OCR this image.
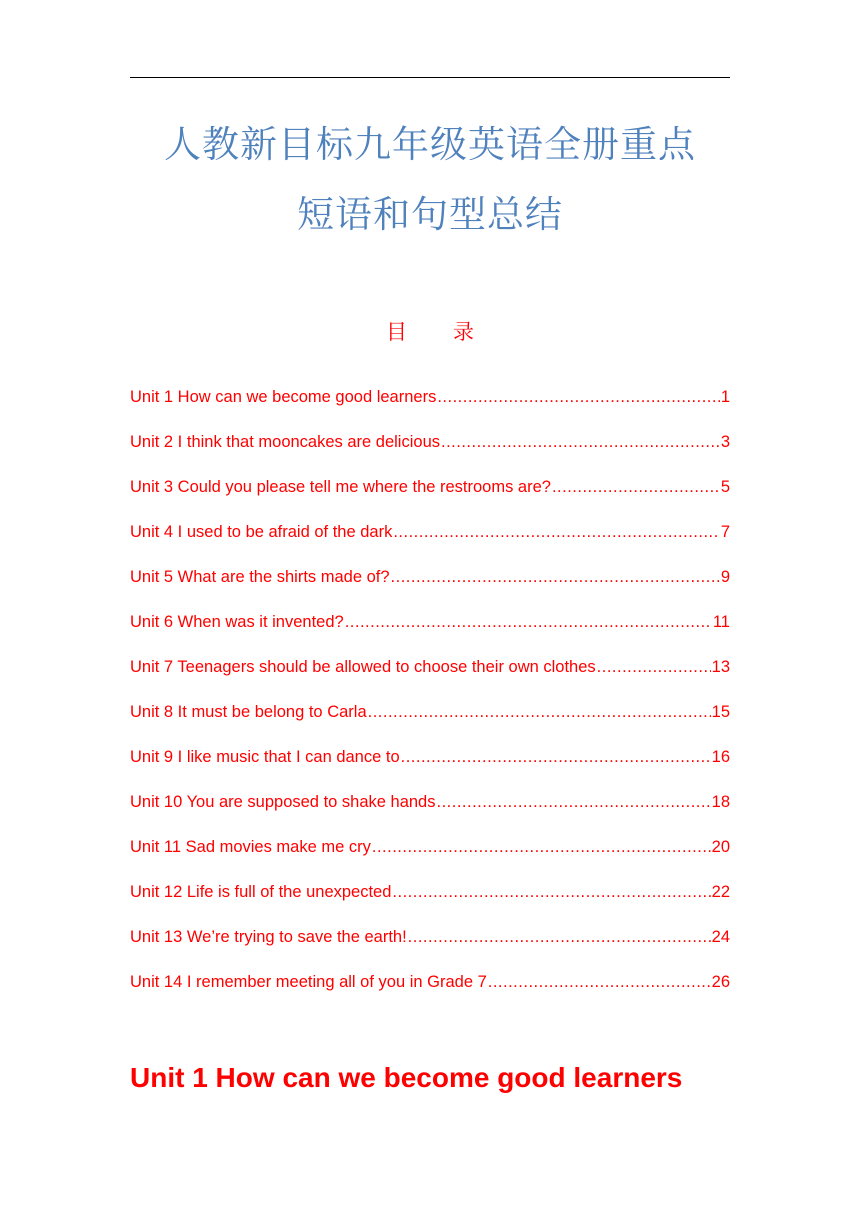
人教新目标九年级英语全册重点
短语和句型总结
目 录
Unit 1 How can we become good learners .....	1
Unit 2 I think that mooncakes are delicious .....	3
Unit 3 Could you please tell me where the restrooms are? .....	5
Unit 4 I used to be afraid of the dark .....	7
Unit 5 What are the shirts made of? .....	9
Unit 6 When was it invented? .....	11
Unit 7 Teenagers should be allowed to choose their own clothes .....	13
Unit 8 It must be belong to Carla .....	15
Unit 9 I like music that I can dance to .....	16
Unit 10 You are supposed to shake hands .....	18
Unit 11 Sad movies make me cry .....	20
Unit 12 Life is full of the unexpected .....	22
Unit 13 We’re trying to save the earth! .....	24
Unit 14 I remember meeting all of you in Grade 7 .....	26
Unit 1 How can we become good learners
